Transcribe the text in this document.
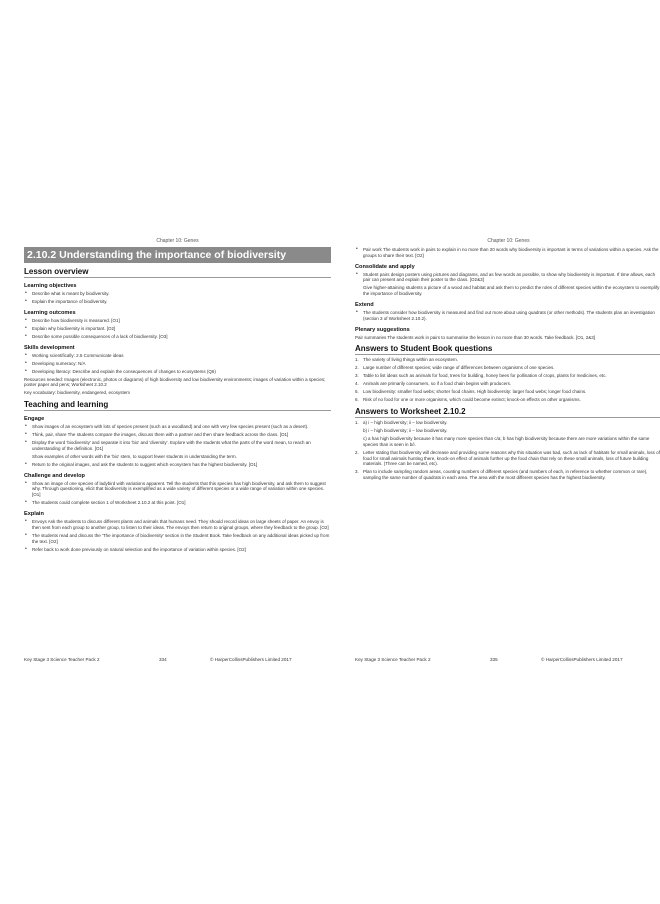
Chapter 10: Genes
2.10.2 Understanding the importance of biodiversity
Lesson overview
Learning objectives
• Describe what is meant by biodiversity.
• Explain the importance of biodiversity.
Learning outcomes
• Describe how biodiversity is measured. [O1]
• Explain why biodiversity is important. [O2]
• Describe some possible consequences of a lack of biodiversity. [O3]
Skills development
• Working scientifically: 2.5 Communicate ideas
• Developing numeracy: N/A
• Developing literacy: Describe and explain the consequences of changes to ecosystems (Q6)

Resources needed: Images (electronic, photos or diagrams) of high biodiversity and low biodiversity environments; images of variation within a species; poster paper and pens; Worksheet 2.10.2

Key vocabulary: biodiversity, endangered, ecosystem

Teaching and learning
Engage
• Show images of an ecosystem with lots of species present (such as a woodland) and one with very few species present (such as a desert).
• Think, pair, share The students compare the images, discuss them with a partner and then share feedback across the class. [O1]
• Display the word 'biodiversity' and separate it into 'bio' and 'diversity'. Explore with the students what the parts of the word mean, to reach an understanding of the definition. [O1]

Show examples of other words with the 'bio' stem, to support fewer students in understanding the term.

• Return to the original images, and ask the students to suggest which ecosystem has the highest biodiversity. [O1]
Challenge and develop
• Show an image of one species of ladybird with variations apparent. Tell the students that this species has high biodiversity, and ask them to suggest why. Through questioning, elicit that biodiversity is exemplified as a wide variety of different species or a wide range of variation within one species. [O1]
• The students could complete section 1 of Worksheet 2.10.2 at this point. [O1]
Explain
• Envoys Ask the students to discuss different plants and animals that humans need. They should record ideas on large sheets of paper. An envoy is then sent from each group to another group, to listen to their ideas. The envoys then return to original groups, where they feedback to the group. [O2]
• The students read and discuss the 'The importance of biodiversity' section in the Student Book. Take feedback on any additional ideas picked up from the text. [O2]
• Refer back to work done previously on natural selection and the importance of variation within species. [O2]
Chapter 10: Genes
• Pair work The students work in pairs to explain in no more than 20 words why biodiversity is important in terms of variations within a species. Ask the groups to share their text. [O2]
Consolidate and apply
• Student pairs design posters using pictures and diagrams, and as few words as possible, to show why biodiversity is important. If time allows, each pair can present and explain their poster to the class. [O2&3]

Give higher-attaining students a picture of a wood and habitat and ask them to predict the roles of different species within the ecosystem to exemplify the importance of biodiversity.

Extend
• The students consider how biodiversity is measured and find out more about using quadrats (or other methods). The students plan an investigation (section 3 of Worksheet 2.10.2).
Plenary suggestions

Pair summaries The students work in pairs to summarise the lesson in no more than 30 words. Take feedback. [O1, 2&3]

Answers to Student Book questions
1. The variety of living things within an ecosystem.
2. Large number of different species; wide range of differences between organisms of one species.
3. Table to list ideas such as animals for food, trees for building, honey bees for pollination of crops, plants for medicines, etc.
4. Animals are primarily consumers, so if a food chain begins with producers.
5. Low biodiversity: smaller food webs; shorter food chains. High biodiversity: larger food webs; longer food chains.
6. Risk of no food for one or more organisms, which could become extinct; knock-on effects on other organisms.
Answers to Worksheet 2.10.2
1. a) i – high biodiversity; ii – low biodiversity.
b) i – high biodiversity; ii – low biodiversity.
c) a has high biodiversity because it has many more species than c/a; b has high biodiversity because there are more variations within the same species than is seen in b/i.
2. Letter stating that biodiversity will decrease and providing some reasons why this situation was bad, such as lack of habitats for small animals, loss of food for small animals hunting there, knock-on effect of animals further up the food chain that rely on these small animals, loss of future building materials. (Three can be named, etc).
3. Plan to include sampling random areas, counting numbers of different species (and numbers of each, in reference to whether common or rare), sampling the same number of quadrats in each area. The area with the most different species has the highest biodiversity.
Key Stage 3 Science Teacher Pack 2	334	© HarperCollinsPublishers Limited 2017	Key Stage 3 Science Teacher Pack 2	335	© HarperCollinsPublishers Limited 2017
